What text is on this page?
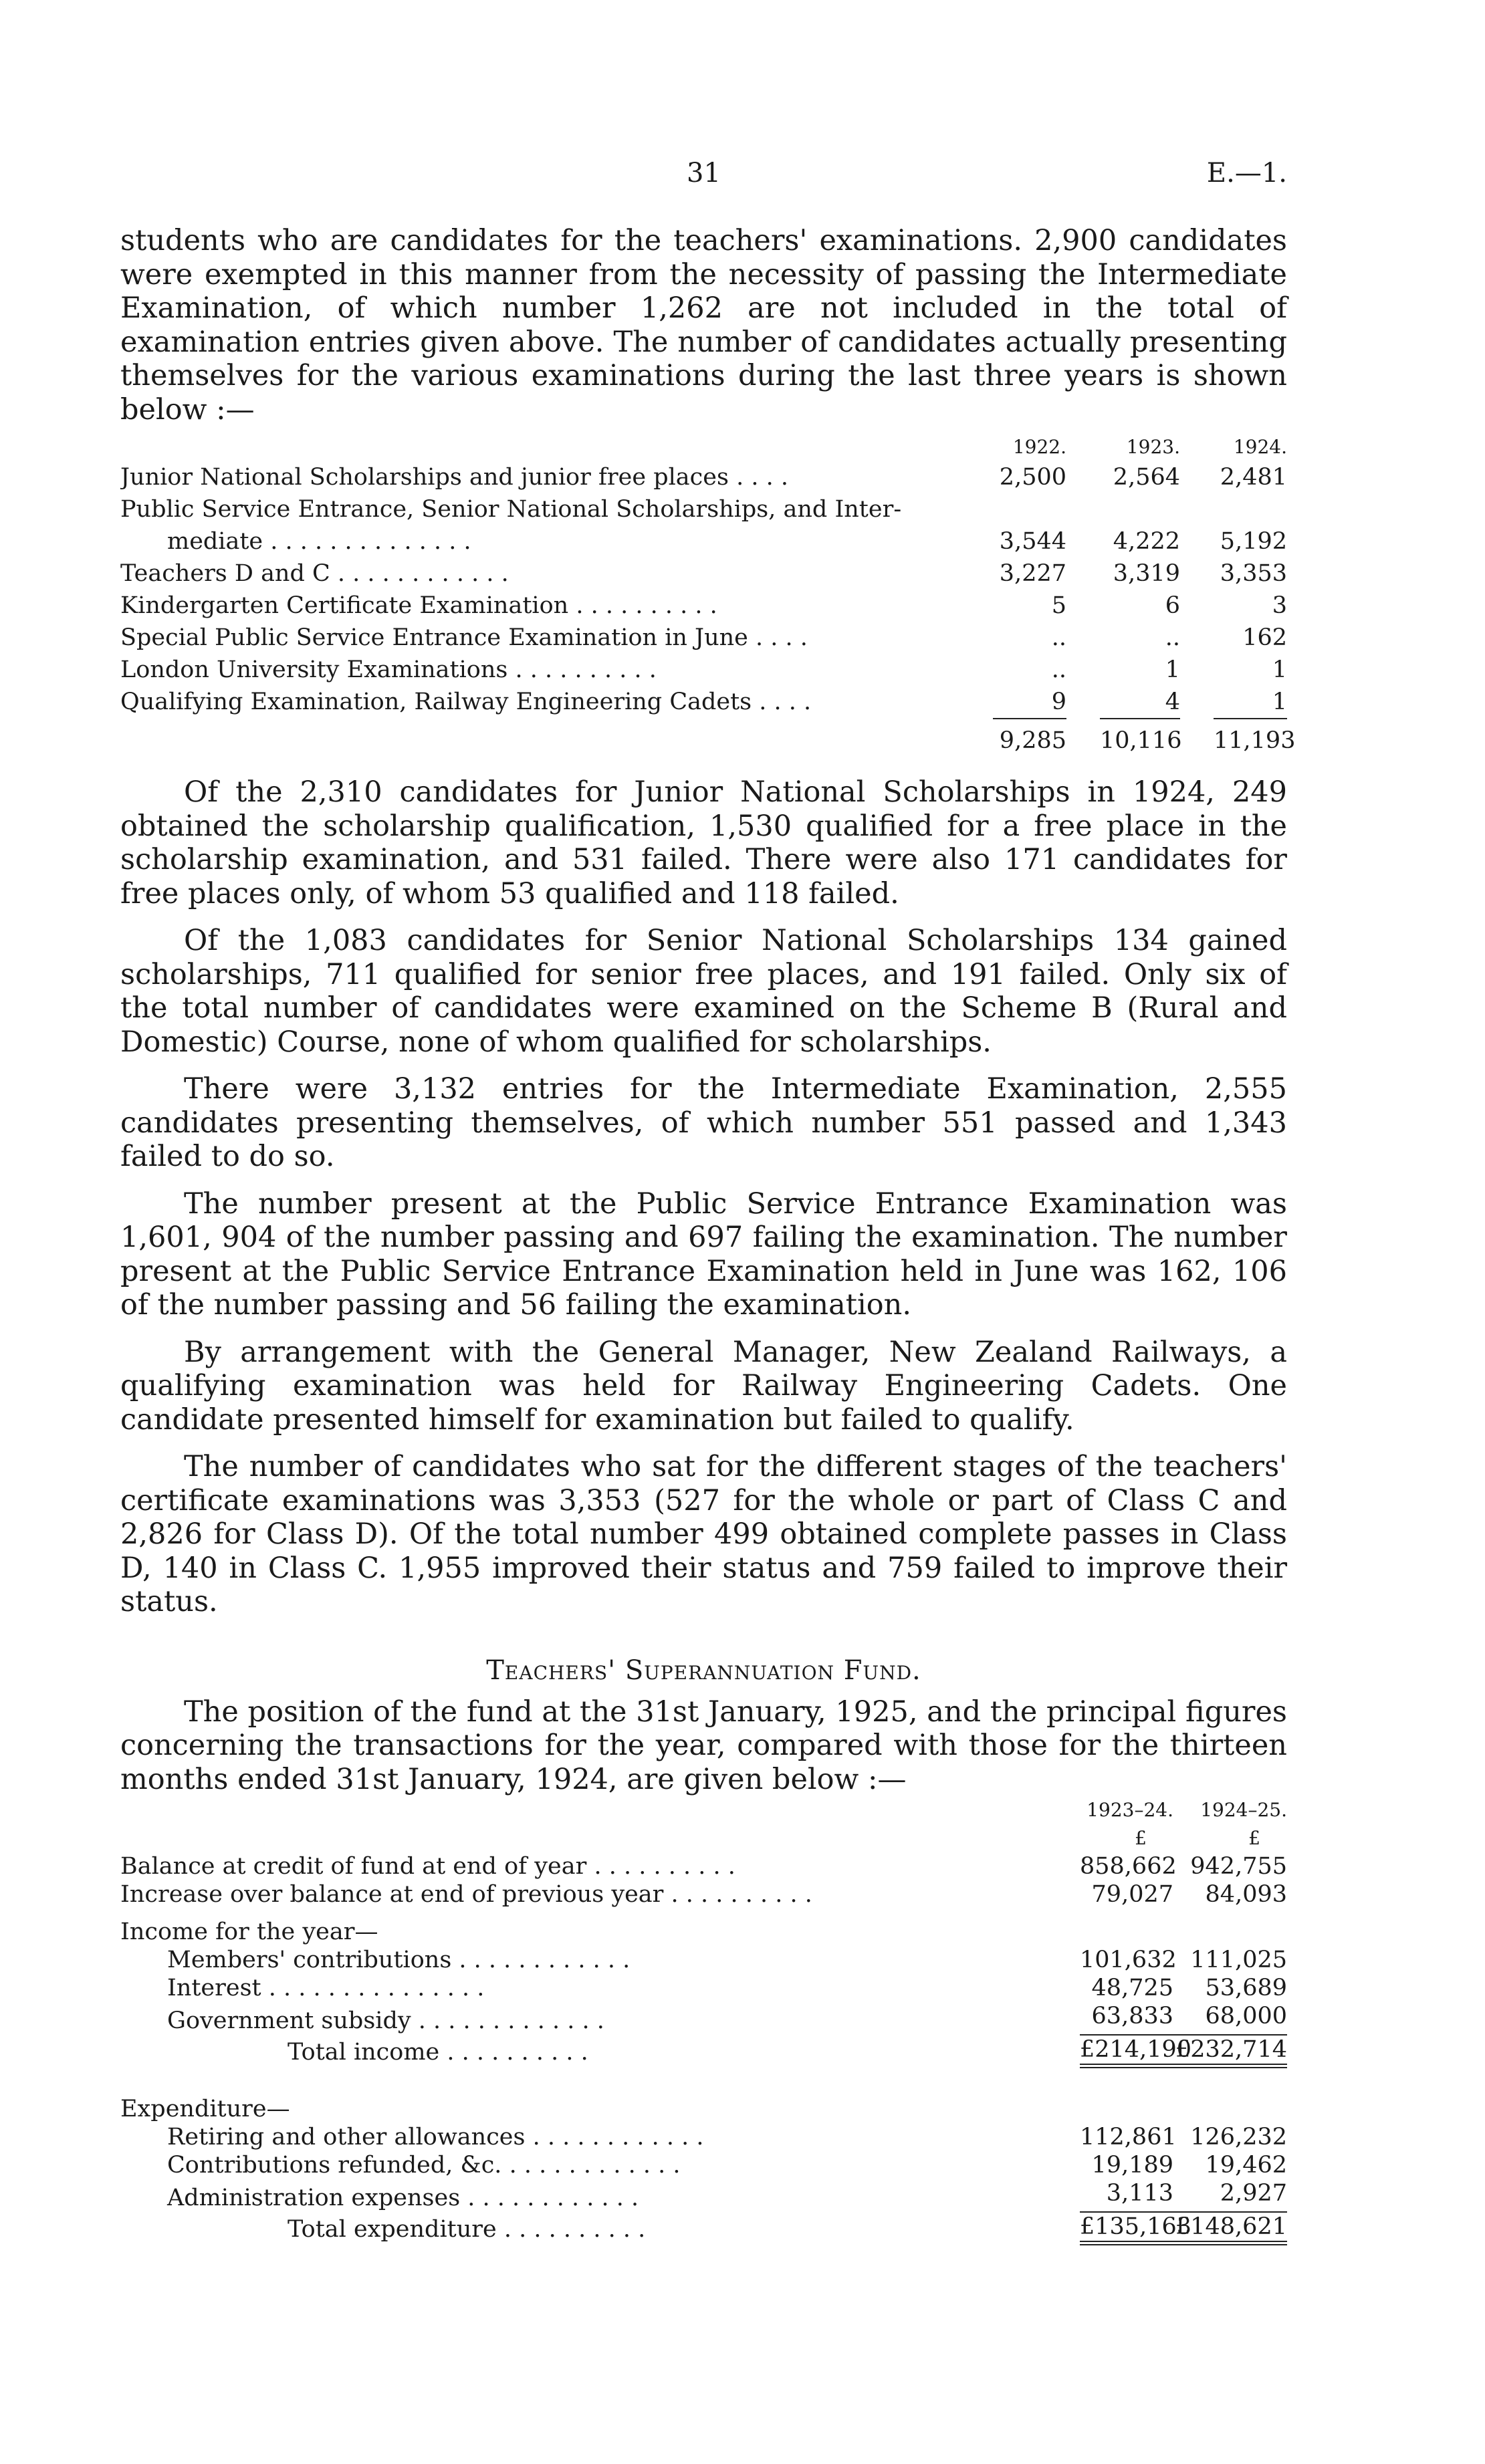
31	E.—1.

students who are candidates for the teachers' examinations. 2,900 candidates were exempted in this manner from the necessity of passing the Intermediate Examination, of which number 1,262 are not included in the total of examination entries given above. The number of candidates actually presenting themselves for the various examinations during the last three years is shown below :—

	1922.	1923.	1924.
Junior National Scholarships and junior free places . . . .	2,500	2,564	2,481
Public Service Entrance, Senior National Scholarships, and Inter-			
mediate . . . . . . . . . . . . . .	3,544	4,222	5,192
Teachers D and C . . . . . . . . . . . .	3,227	3,319	3,353
Kindergarten Certificate Examination . . . . . . . . . .	5	6	3
Special Public Service Entrance Examination in June . . . .	..	..	162
London University Examinations . . . . . . . . . .	..	1	1
Qualifying Examination, Railway Engineering Cadets . . . .	9	4	1

	9,285	10,116	11,193

Of the 2,310 candidates for Junior National Scholarships in 1924, 249 obtained the scholarship qualification, 1,530 qualified for a free place in the scholarship examination, and 531 failed. There were also 171 candidates for free places only, of whom 53 qualified and 118 failed.

Of the 1,083 candidates for Senior National Scholarships 134 gained scholarships, 711 qualified for senior free places, and 191 failed. Only six of the total number of candidates were examined on the Scheme B (Rural and Domestic) Course, none of whom qualified for scholarships.

There were 3,132 entries for the Intermediate Examination, 2,555 candidates presenting themselves, of which number 551 passed and 1,343 failed to do so.

The number present at the Public Service Entrance Examination was 1,601, 904 of the number passing and 697 failing the examination. The number present at the Public Service Entrance Examination held in June was 162, 106 of the number passing and 56 failing the examination.

By arrangement with the General Manager, New Zealand Railways, a qualifying examination was held for Railway Engineering Cadets. One candidate presented himself for examination but failed to qualify.

The number of candidates who sat for the different stages of the teachers' certificate examinations was 3,353 (527 for the whole or part of Class C and 2,826 for Class D). Of the total number 499 obtained complete passes in Class D, 140 in Class C. 1,955 improved their status and 759 failed to improve their status.

Teachers' Superannuation Fund.

The position of the fund at the 31st January, 1925, and the principal figures concerning the transactions for the year, compared with those for the thirteen months ended 31st January, 1924, are given below :—

	1923–24.	1924–25.
	£	£
Balance at credit of fund at end of year . . . . . . . . . .	858,662	942,755
Increase over balance at end of previous year . . . . . . . . . .	79,027	84,093
Income for the year—		
Members' contributions . . . . . . . . . . . .	101,632	111,025
Interest . . . . . . . . . . . . . . .	48,725	53,689
Government subsidy . . . . . . . . . . . . .	63,833	68,000
Total income . . . . . . . . . .	£214,190	£232,714

Expenditure—		
Retiring and other allowances . . . . . . . . . . . .	112,861	126,232
Contributions refunded, &c. . . . . . . . . . . . .	19,189	19,462
Administration expenses . . . . . . . . . . . .	3,113	2,927
Total expenditure . . . . . . . . . .	£135,163	£148,621
